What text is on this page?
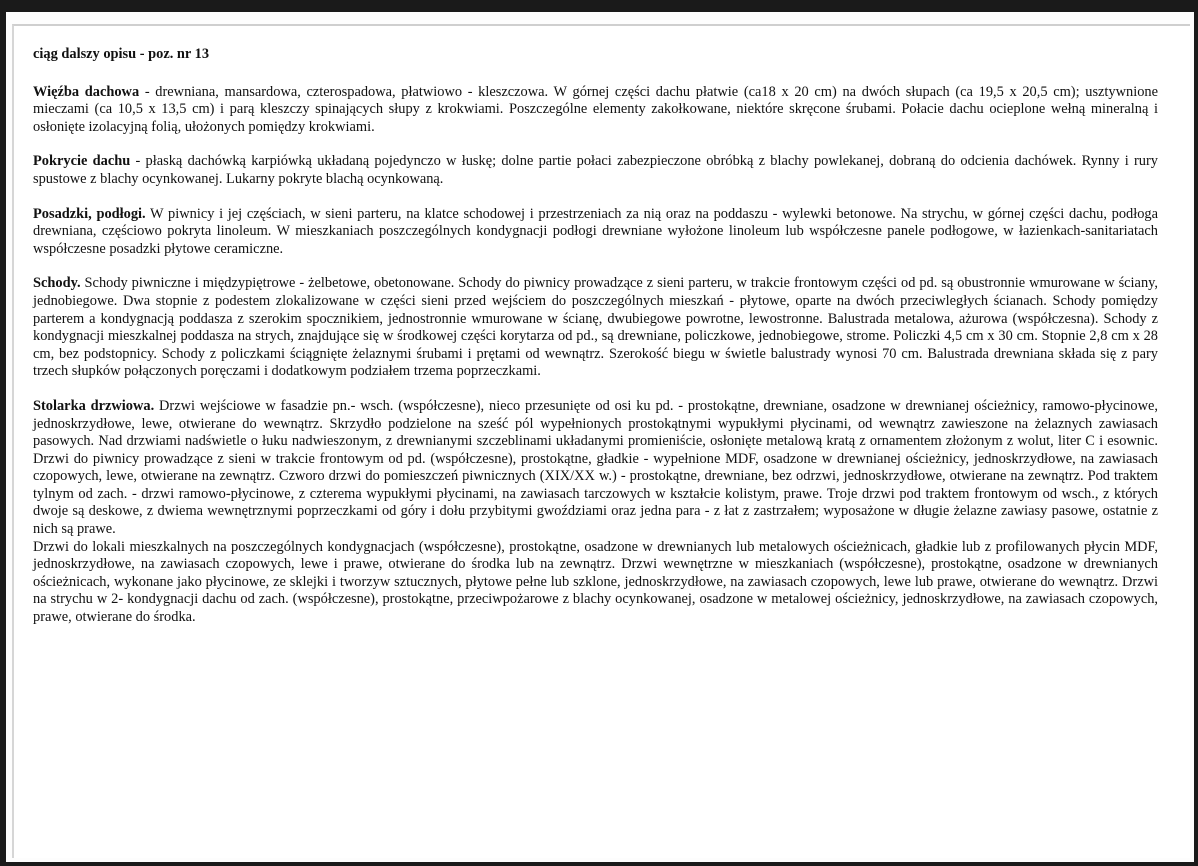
ciąg dalszy opisu - poz. nr 13

Więźba dachowa - drewniana, mansardowa, czterospadowa, płatwiowo - kleszczowa. W górnej części dachu płatwie (ca18 x 20 cm) na dwóch słupach (ca 19,5 x 20,5 cm); usztywnione mieczami (ca 10,5 x 13,5 cm) i parą kleszczy spinających słupy z krokwiami. Poszczególne elementy zakołkowane, niektóre skręcone śrubami. Połacie dachu ocieplone wełną mineralną i osłonięte izolacyjną folią, ułożonych pomiędzy krokwiami.

Pokrycie dachu - płaską dachówką karpiówką układaną pojedynczo w łuskę; dolne partie połaci zabezpieczone obróbką z blachy powlekanej, dobraną do odcienia dachówek. Rynny i rury spustowe z blachy ocynkowanej. Lukarny pokryte blachą ocynkowaną.

Posadzki, podłogi. W piwnicy i jej częściach, w sieni parteru, na klatce schodowej i przestrzeniach za nią oraz na poddaszu - wylewki betonowe. Na strychu, w górnej części dachu, podłoga drewniana, częściowo pokryta linoleum. W mieszkaniach poszczególnych kondygnacji podłogi drewniane wyłożone linoleum lub współczesne panele podłogowe, w łazienkach-sanitariatach współczesne posadzki płytowe ceramiczne.

Schody. Schody piwniczne i międzypiętrowe - żelbetowe, obetonowane. Schody do piwnicy prowadzące z sieni parteru, w trakcie frontowym części od pd. są obustronnie wmurowane w ściany, jednobiegowe. Dwa stopnie z podestem zlokalizowane w części sieni przed wejściem do poszczególnych mieszkań - płytowe, oparte na dwóch przeciwległych ścianach. Schody pomiędzy parterem a kondygnacją poddasza z szerokim spocznikiem, jednostronnie wmurowane w ścianę, dwubiegowe powrotne, lewostronne. Balustrada metalowa, ażurowa (współczesna). Schody z kondygnacji mieszkalnej poddasza na strych, znajdujące się w środkowej części korytarza od pd., są drewniane, policzkowe, jednobiegowe, strome. Policzki 4,5 cm x 30 cm. Stopnie 2,8 cm x 28 cm, bez podstopnicy. Schody z policzkami ściągnięte żelaznymi śrubami i prętami od wewnątrz. Szerokość biegu w świetle balustrady wynosi 70 cm. Balustrada drewniana składa się z pary trzech słupków połączonych poręczami i dodatkowym podziałem trzema poprzeczkami.

Stolarka drzwiowa. Drzwi wejściowe w fasadzie pn.- wsch. (współczesne), nieco przesunięte od osi ku pd. - prostokątne, drewniane, osadzone w drewnianej ościeżnicy, ramowo-płycinowe, jednoskrzydłowe, lewe, otwierane do wewnątrz. Skrzydło podzielone na sześć pól wypełnionych prostokątnymi wypukłymi płycinami, od wewnątrz zawieszone na żelaznych zawiasach pasowych. Nad drzwiami nadświetle o łuku nadwieszonym, z drewnianymi szczeblinami układanymi promieniście, osłonięte metalową kratą z ornamentem złożonym z wolut, liter C i esownic. Drzwi do piwnicy prowadzące z sieni w trakcie frontowym od pd. (współczesne), prostokątne, gładkie - wypełnione MDF, osadzone w drewnianej ościeżnicy, jednoskrzydłowe, na zawiasach czopowych, lewe, otwierane na zewnątrz. Czworo drzwi do pomieszczeń piwnicznych (XIX/XX w.) - prostokątne, drewniane, bez odrzwi, jednoskrzydłowe, otwierane na zewnątrz. Pod traktem tylnym od zach. - drzwi ramowo-płycinowe, z czterema wypukłymi płycinami, na zawiasach tarczowych w kształcie kolistym, prawe. Troje drzwi pod traktem frontowym od wsch., z których dwoje są deskowe, z dwiema wewnętrznymi poprzeczkami od góry i dołu przybitymi gwoździami oraz jedna para - z łat z zastrzałem; wyposażone w długie żelazne zawiasy pasowe, ostatnie z nich są prawe.

Drzwi do lokali mieszkalnych na poszczególnych kondygnacjach (współczesne), prostokątne, osadzone w drewnianych lub metalowych ościeżnicach, gładkie lub z profilowanych płycin MDF, jednoskrzydłowe, na zawiasach czopowych, lewe i prawe, otwierane do środka lub na zewnątrz. Drzwi wewnętrzne w mieszkaniach (współczesne), prostokątne, osadzone w drewnianych ościeżnicach, wykonane jako płycinowe, ze sklejki i tworzyw sztucznych, płytowe pełne lub szklone, jednoskrzydłowe, na zawiasach czopowych, lewe lub prawe, otwierane do wewnątrz. Drzwi na strychu w 2- kondygnacji dachu od zach. (współczesne), prostokątne, przeciwpożarowe z blachy ocynkowanej, osadzone w metalowej ościeżnicy, jednoskrzydłowe, na zawiasach czopowych, prawe, otwierane do środka.
